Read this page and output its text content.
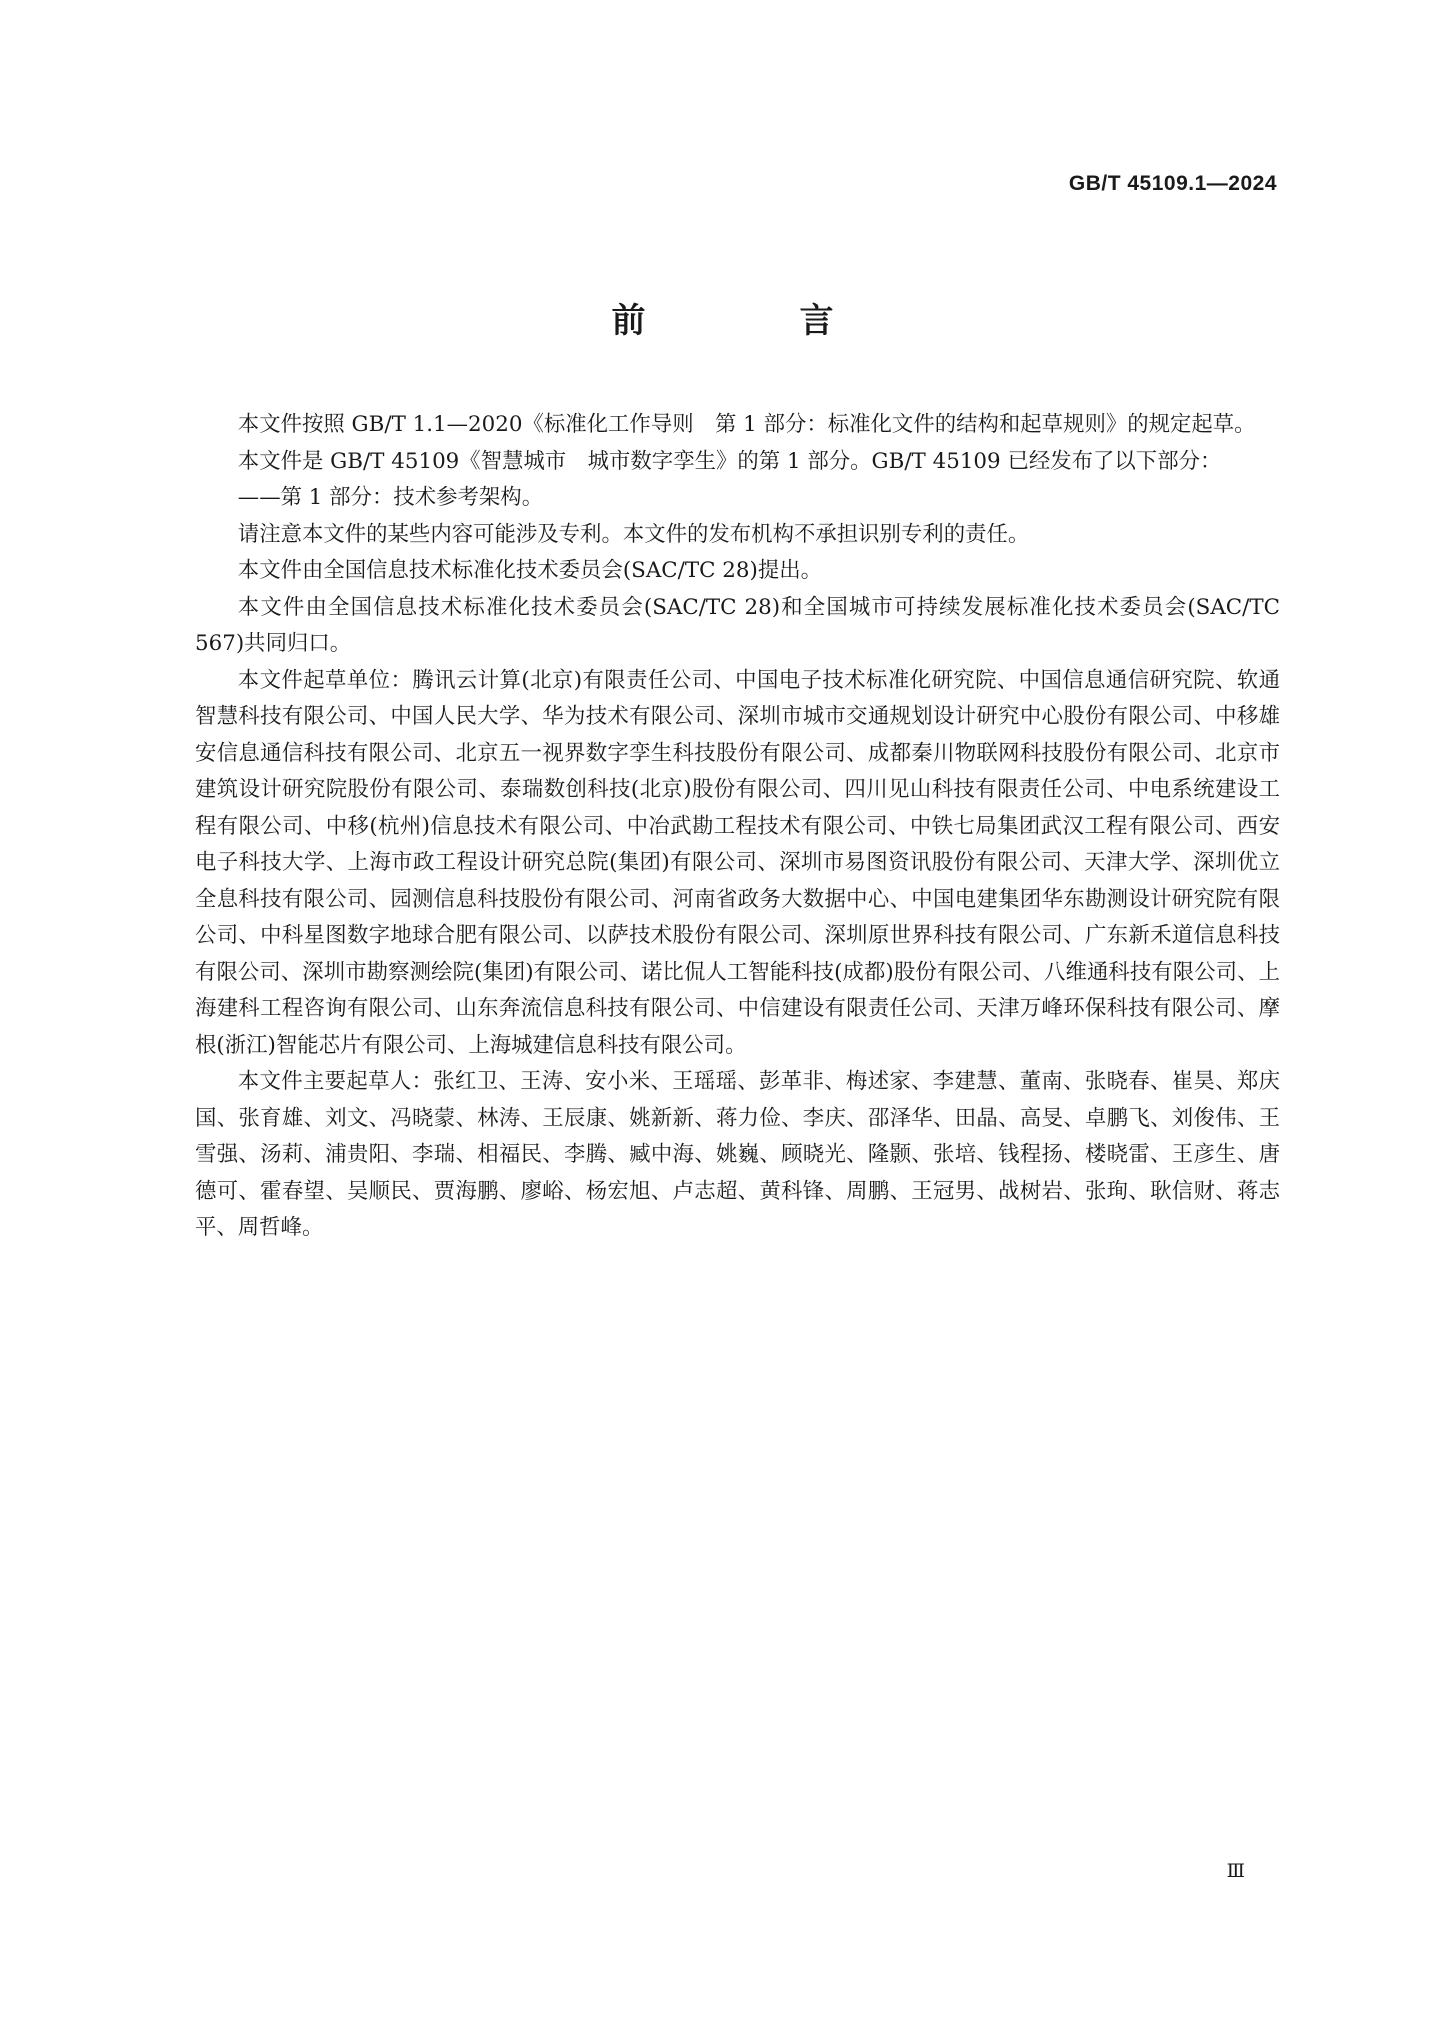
GB/T 45109.1—2024
前　言

本文件按照 GB/T 1.1—2020《标准化工作导则　第 1 部分：标准化文件的结构和起草规则》的规定起草。

本文件是 GB/T 45109《智慧城市　城市数字孪生》的第 1 部分。GB/T 45109 已经发布了以下部分：

——第 1 部分：技术参考架构。

请注意本文件的某些内容可能涉及专利。本文件的发布机构不承担识别专利的责任。

本文件由全国信息技术标准化技术委员会(SAC/TC 28)提出。

本文件由全国信息技术标准化技术委员会(SAC/TC 28)和全国城市可持续发展标准化技术委员会(SAC/TC 567)共同归口。

本文件起草单位：腾讯云计算(北京)有限责任公司、中国电子技术标准化研究院、中国信息通信研究院、软通智慧科技有限公司、中国人民大学、华为技术有限公司、深圳市城市交通规划设计研究中心股份有限公司、中移雄安信息通信科技有限公司、北京五一视界数字孪生科技股份有限公司、成都秦川物联网科技股份有限公司、北京市建筑设计研究院股份有限公司、泰瑞数创科技(北京)股份有限公司、四川见山科技有限责任公司、中电系统建设工程有限公司、中移(杭州)信息技术有限公司、中冶武勘工程技术有限公司、中铁七局集团武汉工程有限公司、西安电子科技大学、上海市政工程设计研究总院(集团)有限公司、深圳市易图资讯股份有限公司、天津大学、深圳优立全息科技有限公司、园测信息科技股份有限公司、河南省政务大数据中心、中国电建集团华东勘测设计研究院有限公司、中科星图数字地球合肥有限公司、以萨技术股份有限公司、深圳原世界科技有限公司、广东新禾道信息科技有限公司、深圳市勘察测绘院(集团)有限公司、诺比侃人工智能科技(成都)股份有限公司、八维通科技有限公司、上海建科工程咨询有限公司、山东奔流信息科技有限公司、中信建设有限责任公司、天津万峰环保科技有限公司、摩根(浙江)智能芯片有限公司、上海城建信息科技有限公司。

本文件主要起草人：张红卫、王涛、安小米、王瑶瑶、彭革非、梅述家、李建慧、董南、张晓春、崔昊、郑庆国、张育雄、刘文、冯晓蒙、林涛、王辰康、姚新新、蒋力俭、李庆、邵泽华、田晶、高旻、卓鹏飞、刘俊伟、王雪强、汤莉、浦贵阳、李瑞、相福民、李腾、臧中海、姚巍、顾晓光、隆颢、张培、钱程扬、楼晓雷、王彦生、唐德可、霍春望、吴顺民、贾海鹏、廖峪、杨宏旭、卢志超、黄科锋、周鹏、王冠男、战树岩、张珣、耿信财、蒋志平、周哲峰。

Ⅲ
